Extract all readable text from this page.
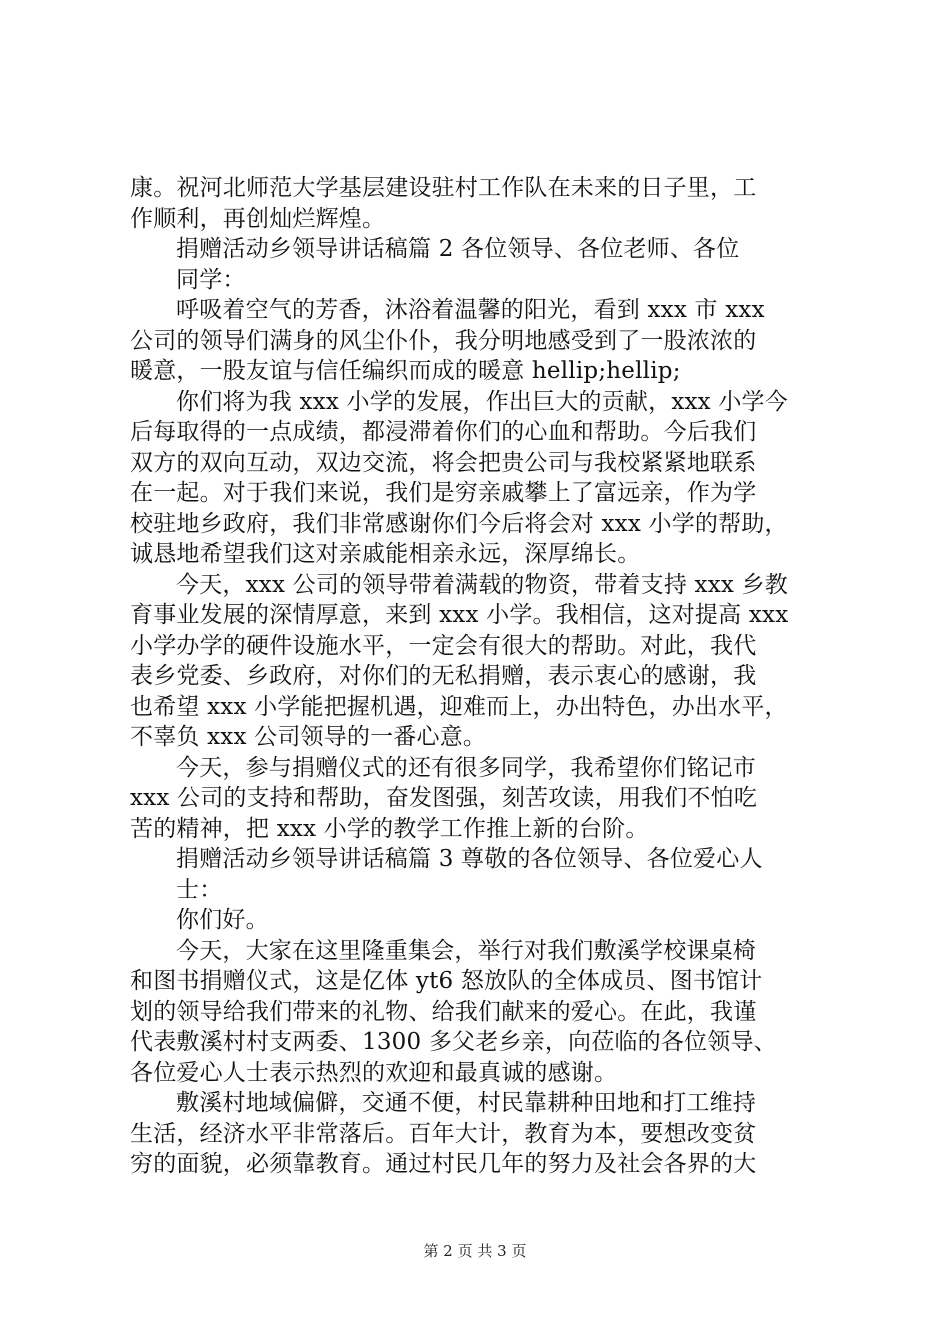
康。祝河北师范大学基层建设驻村工作队在未来的日子里，工
作顺利，再创灿烂辉煌。
捐赠活动乡领导讲话稿篇 2 各位领导、各位老师、各位
同学：
呼吸着空气的芳香，沐浴着温馨的阳光，看到 xxx 市 xxx
公司的领导们满身的风尘仆仆，我分明地感受到了一股浓浓的
暖意，一股友谊与信任编织而成的暖意 hellip;hellip;
你们将为我 xxx 小学的发展，作出巨大的贡献，xxx 小学今
后每取得的一点成绩，都浸滞着你们的心血和帮助。今后我们
双方的双向互动，双边交流，将会把贵公司与我校紧紧地联系
在一起。对于我们来说，我们是穷亲戚攀上了富远亲，作为学
校驻地乡政府，我们非常感谢你们今后将会对 xxx 小学的帮助，
诚恳地希望我们这对亲戚能相亲永远，深厚绵长。
今天，xxx 公司的领导带着满载的物资，带着支持 xxx 乡教
育事业发展的深情厚意，来到 xxx 小学。我相信，这对提高 xxx
小学办学的硬件设施水平，一定会有很大的帮助。对此，我代
表乡党委、乡政府，对你们的无私捐赠，表示衷心的感谢，我
也希望 xxx 小学能把握机遇，迎难而上，办出特色，办出水平，
不辜负 xxx 公司领导的一番心意。
今天，参与捐赠仪式的还有很多同学，我希望你们铭记市
xxx 公司的支持和帮助，奋发图强，刻苦攻读，用我们不怕吃
苦的精神，把 xxx 小学的教学工作推上新的台阶。
捐赠活动乡领导讲话稿篇 3 尊敬的各位领导、各位爱心人
士：
你们好。
今天，大家在这里隆重集会，举行对我们敷溪学校课桌椅
和图书捐赠仪式，这是亿体 yt6 怒放队的全体成员、图书馆计
划的领导给我们带来的礼物、给我们献来的爱心。在此，我谨
代表敷溪村村支两委、1300 多父老乡亲，向莅临的各位领导、
各位爱心人士表示热烈的欢迎和最真诚的感谢。
敷溪村地域偏僻，交通不便，村民靠耕种田地和打工维持
生活，经济水平非常落后。百年大计，教育为本，要想改变贫
穷的面貌，必须靠教育。通过村民几年的努力及社会各界的大
第 2 页 共 3 页
